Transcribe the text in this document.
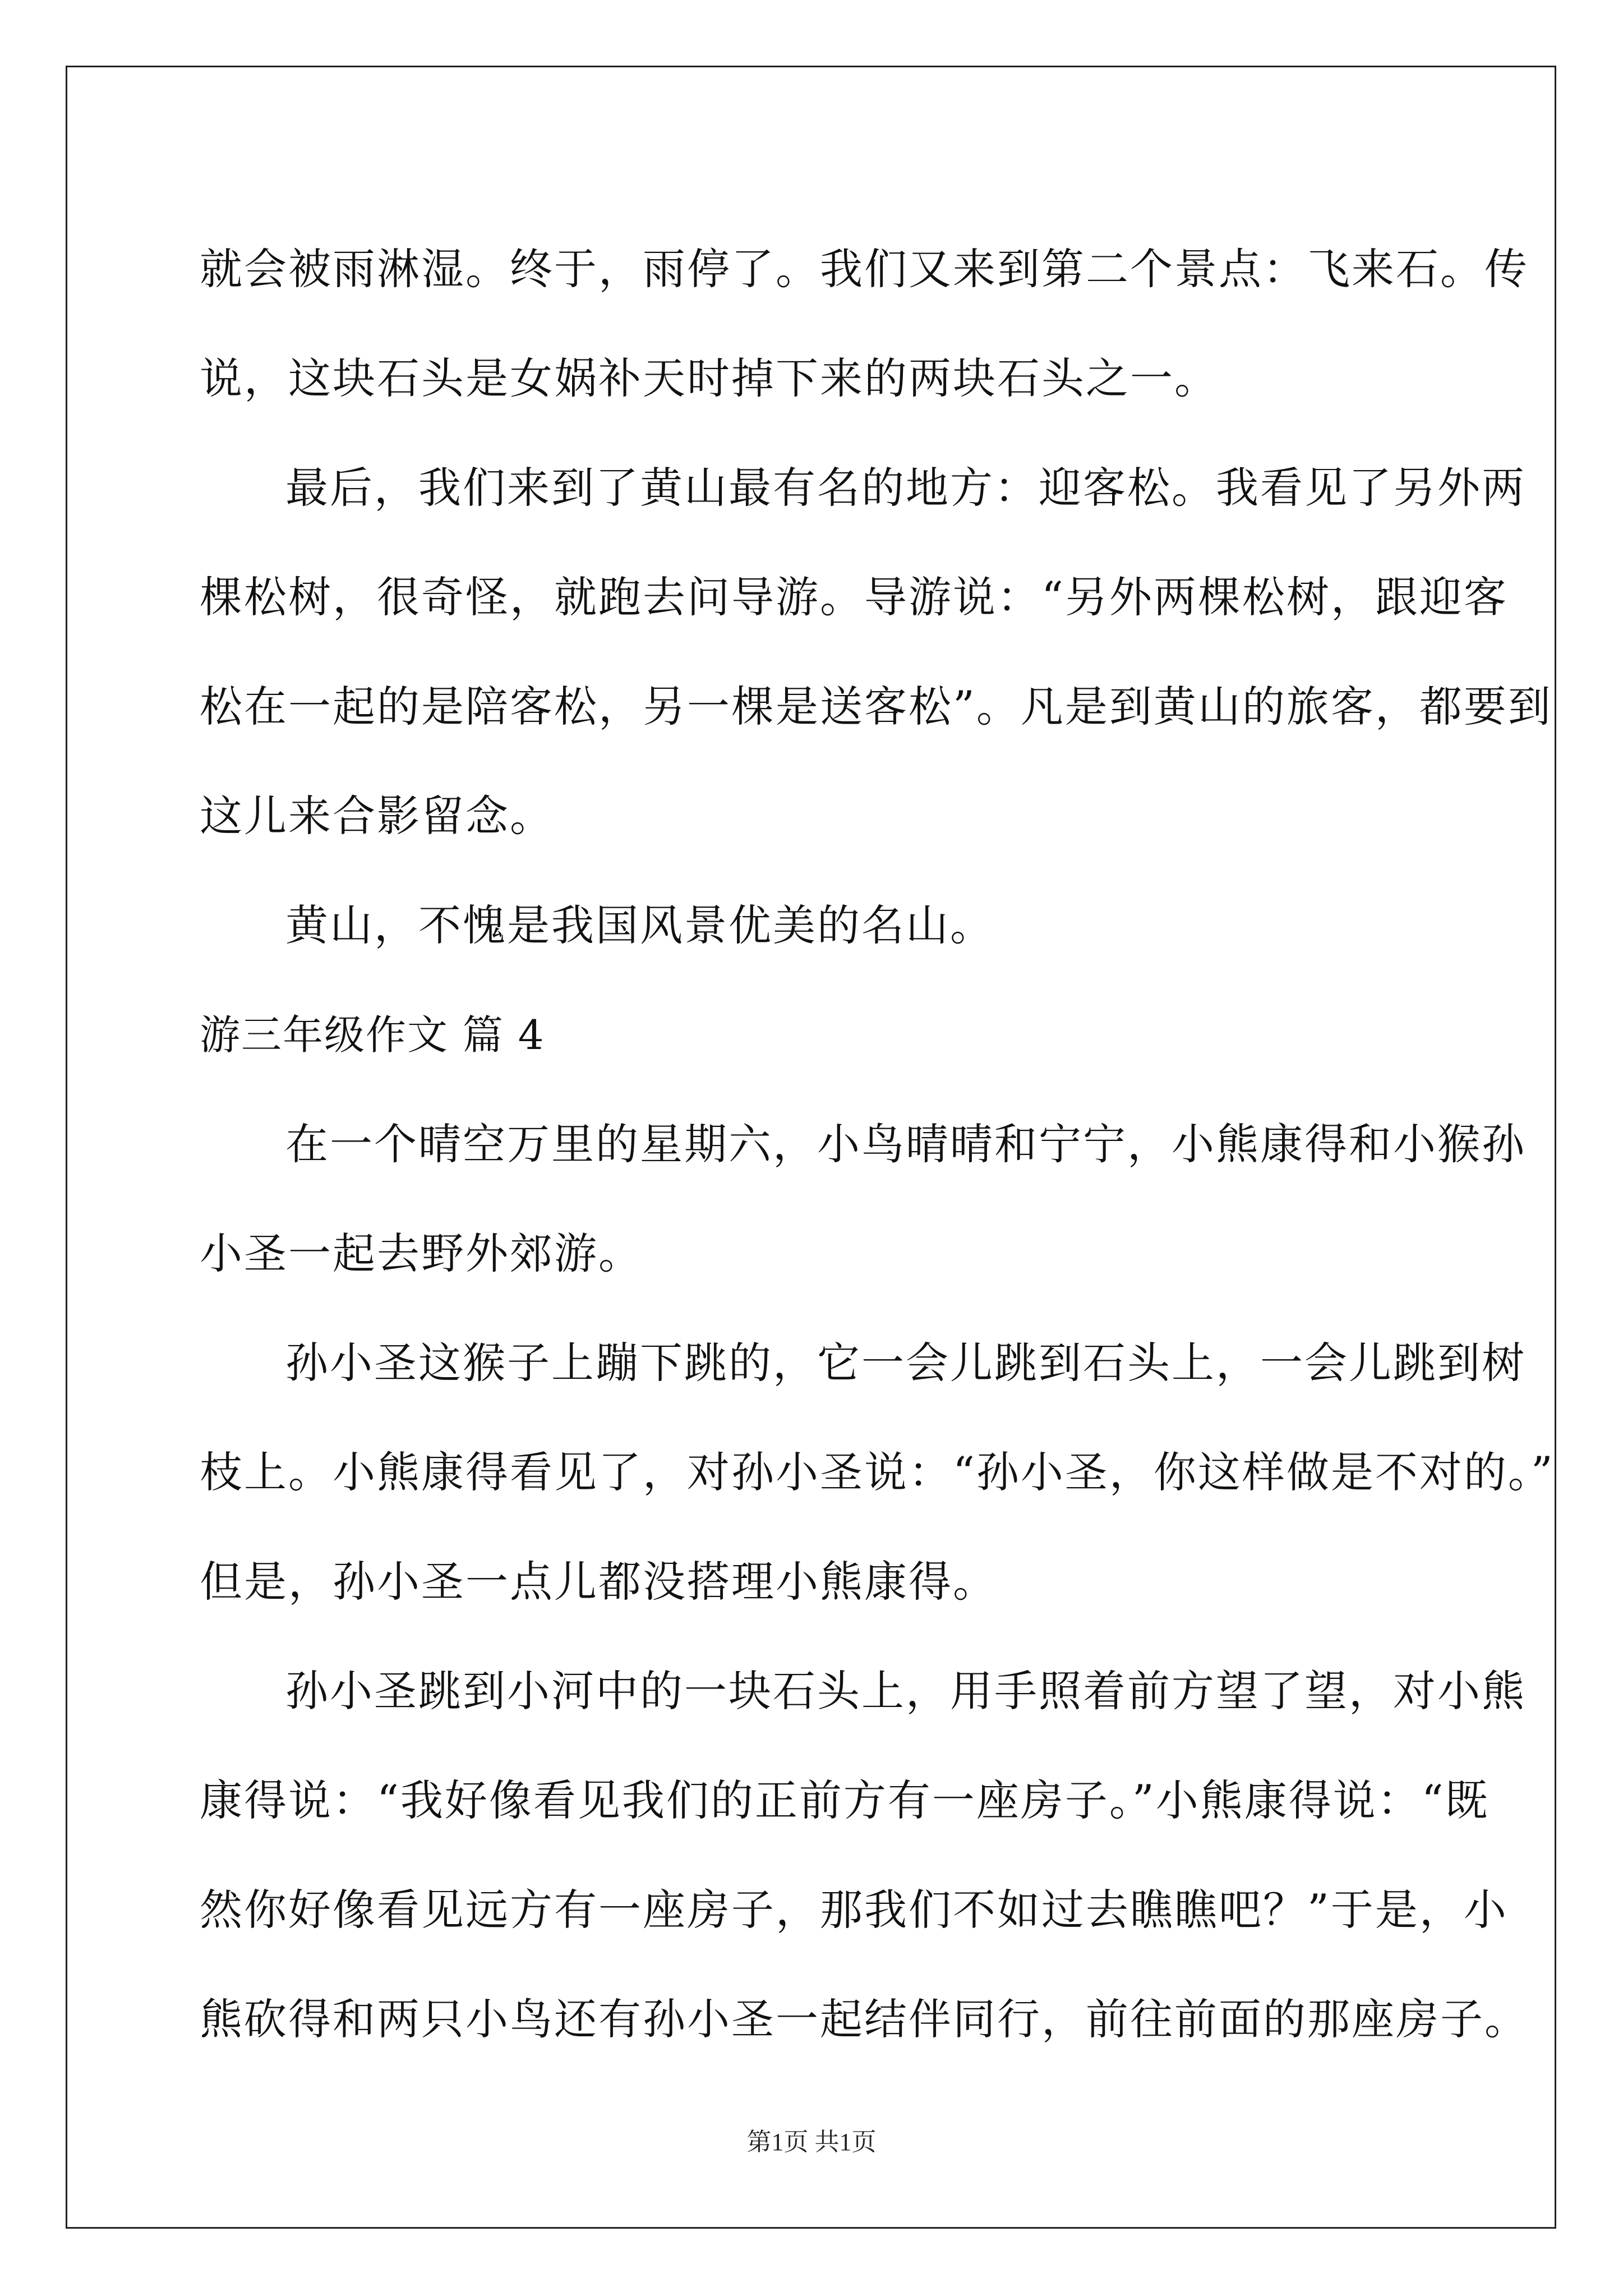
就会被雨淋湿。终于，雨停了。我们又来到第二个景点：飞来石。传
说，这块石头是女娲补天时掉下来的两块石头之一。
最后，我们来到了黄山最有名的地方：迎客松。我看见了另外两
棵松树，很奇怪，就跑去问导游。导游说：“另外两棵松树，跟迎客
松在一起的是陪客松，另一棵是送客松”。凡是到黄山的旅客，都要到
这儿来合影留念。
黄山，不愧是我国风景优美的名山。
游三年级作文 篇 4
在一个晴空万里的星期六，小鸟晴晴和宁宁，小熊康得和小猴孙
小圣一起去野外郊游。
孙小圣这猴子上蹦下跳的，它一会儿跳到石头上，一会儿跳到树
枝上。小熊康得看见了，对孙小圣说：“孙小圣，你这样做是不对的。”
但是，孙小圣一点儿都没搭理小熊康得。
孙小圣跳到小河中的一块石头上，用手照着前方望了望，对小熊
康得说：“我好像看见我们的正前方有一座房子。”小熊康得说：“既
然你好像看见远方有一座房子，那我们不如过去瞧瞧吧？”于是，小
熊砍得和两只小鸟还有孙小圣一起结伴同行，前往前面的那座房子。
第1页 共1页
